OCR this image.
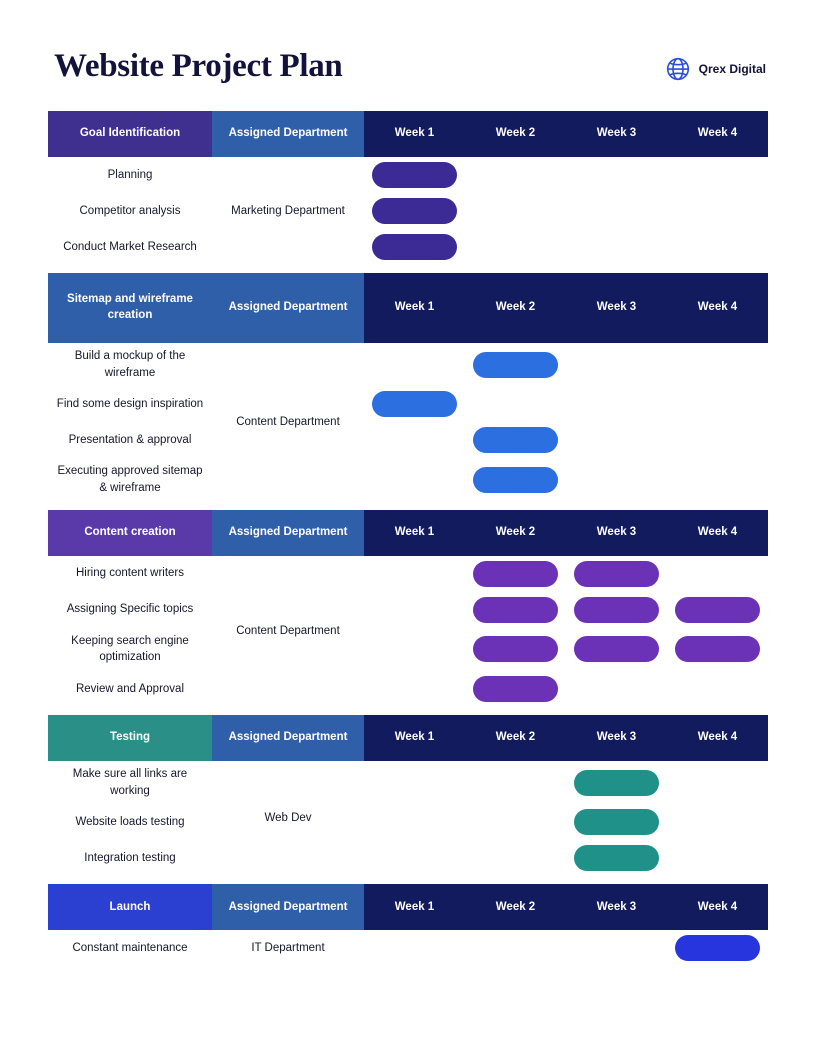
Website Project Plan	Qrex Digital
Goal Identification	Assigned Department	Week 1	Week 2	Week 3	Week 4
Planning	Marketing Department	

Competitor analysis		

Conduct Market Research		

Sitemap and wireframe creation	Assigned Department	Week 1	Week 2	Week 3	Week 4
Build a mockup of the wireframe	Content Department		

Find some design inspiration		

Presentation & approval			

Executing approved sitemap & wireframe			

Content creation	Assigned Department	Week 1	Week 2	Week 3	Week 4
Hiring content writers	Content Department		

Assigning Specific topics			

Keeping search engine optimization			

Review and Approval			

Testing	Assigned Department	Week 1	Week 2	Week 3	Week 4
Make sure all links are working	Web Dev			

Website loads testing				

Integration testing				

Launch	Assigned Department	Week 1	Week 2	Week 3	Week 4
Constant maintenance	IT Department				
